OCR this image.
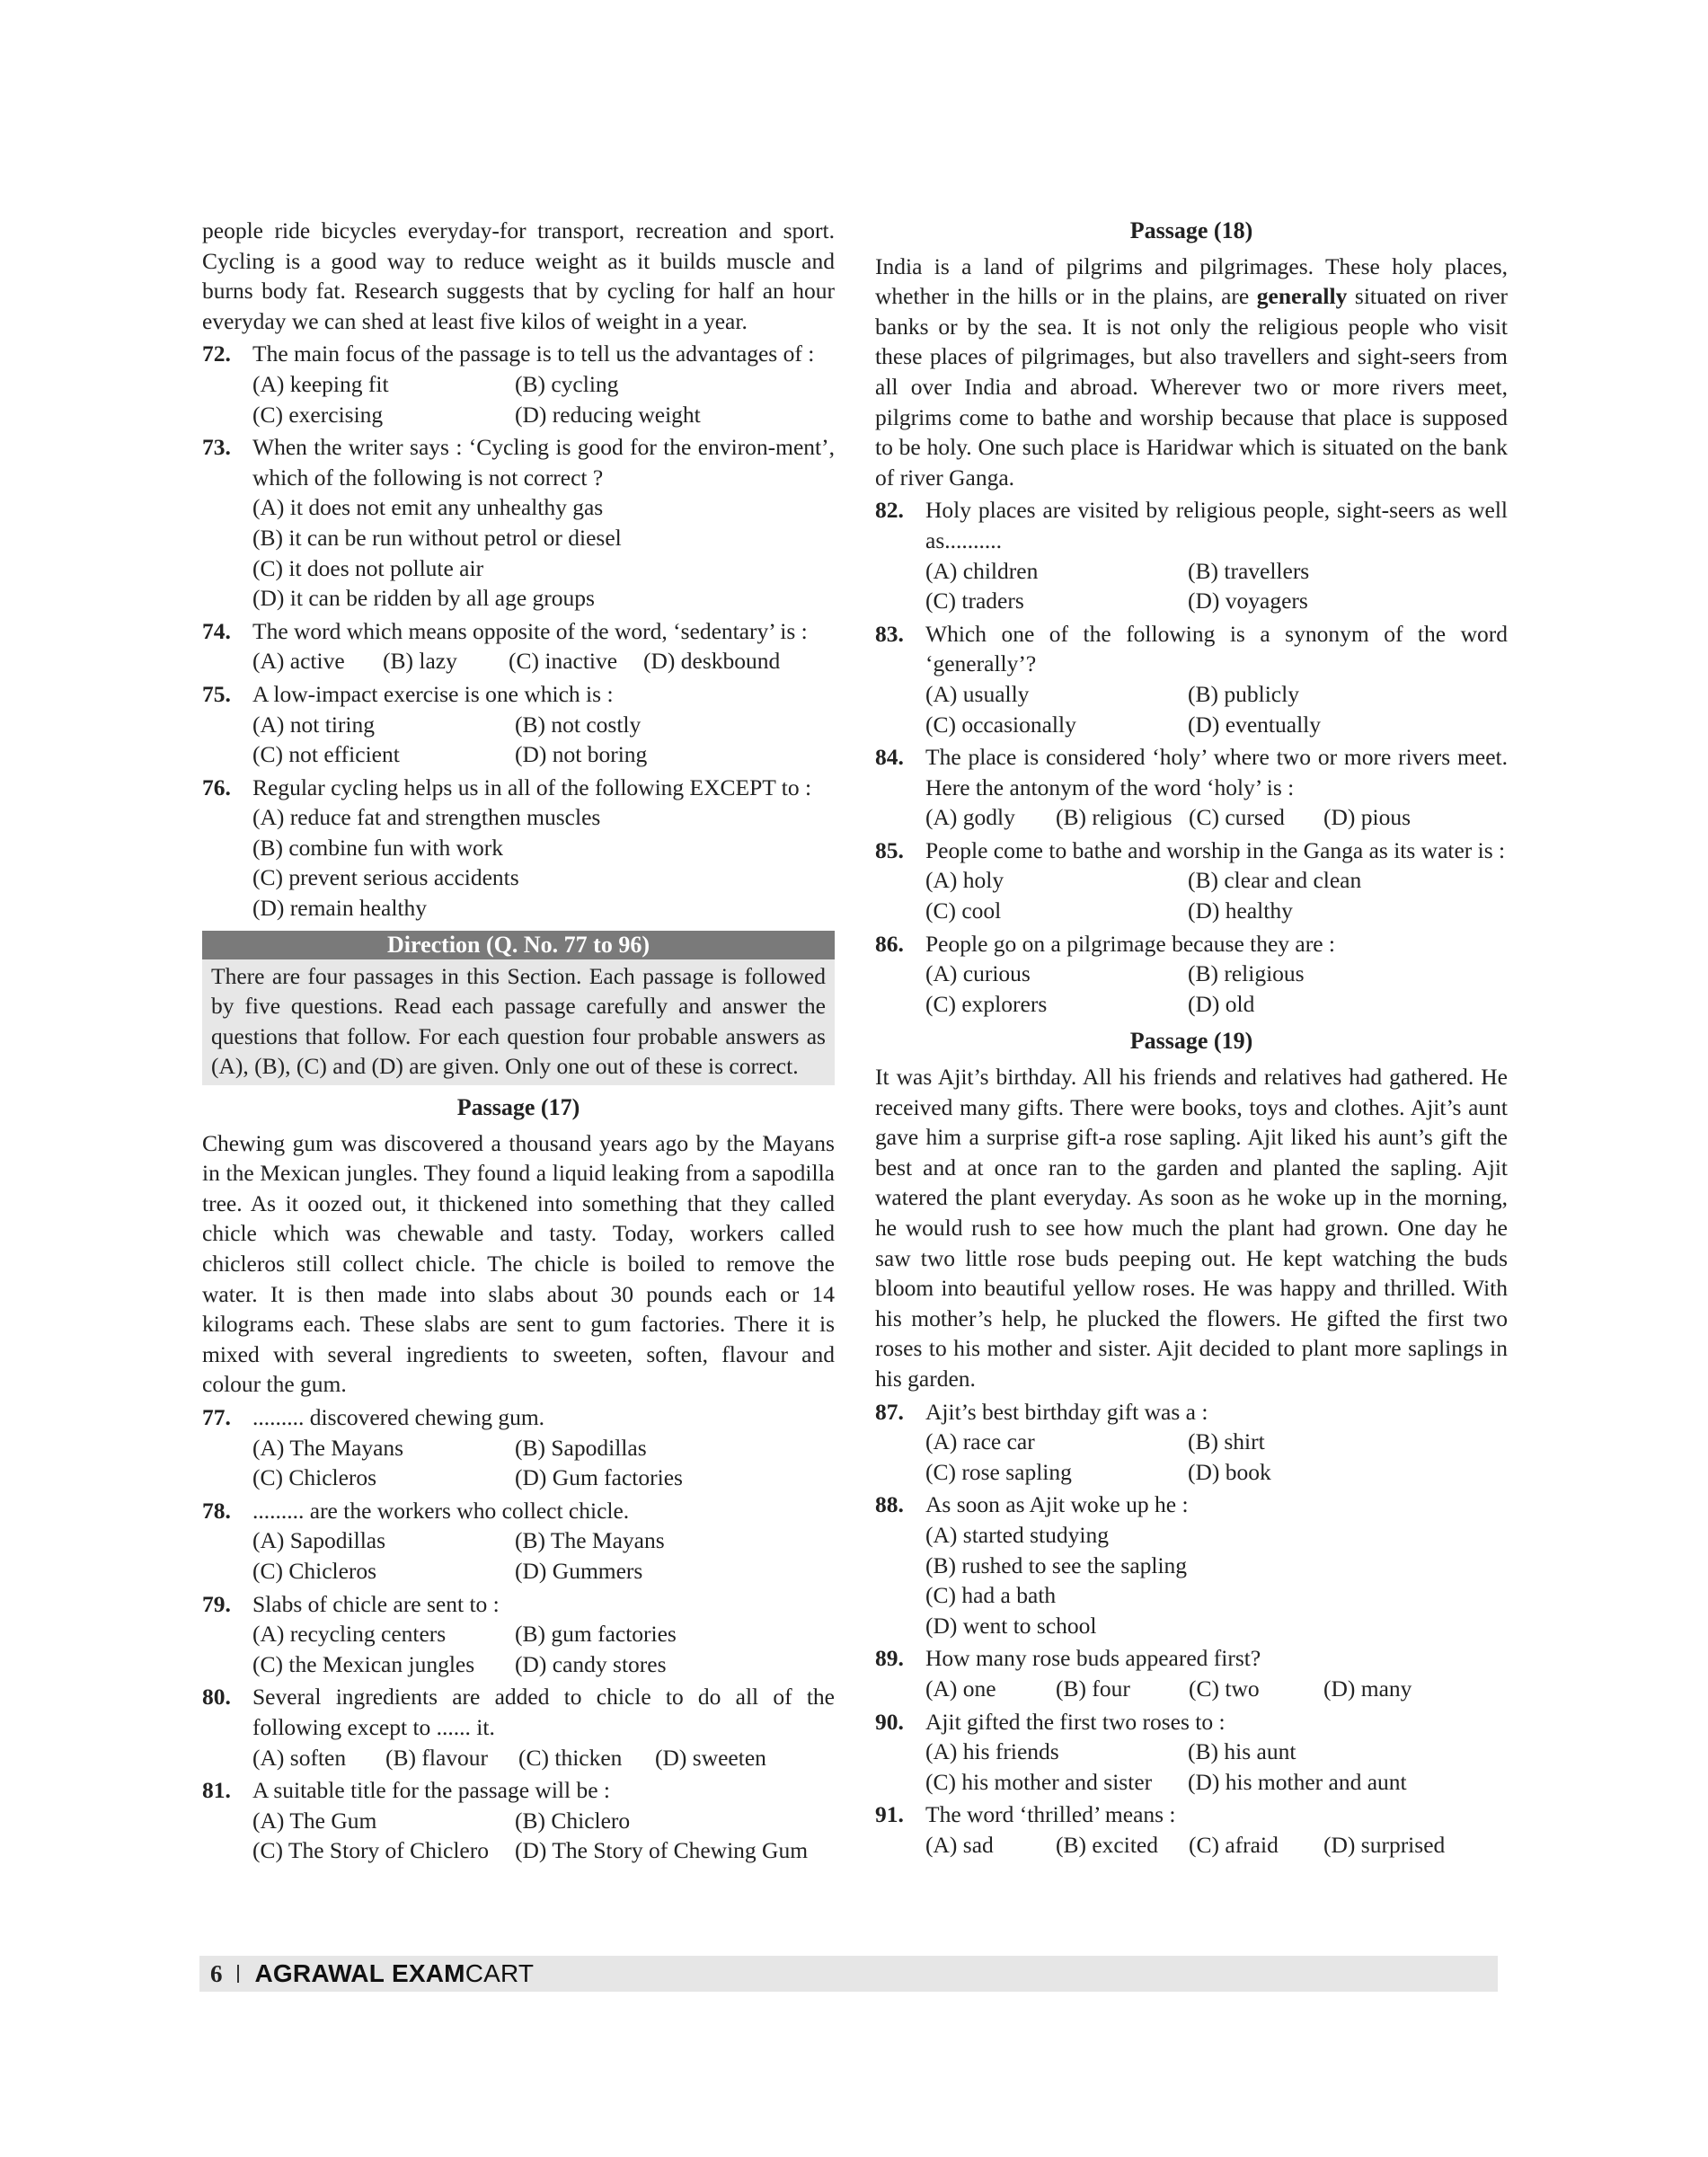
people ride bicycles everyday-for transport, recreation and sport. Cycling is a good way to reduce weight as it builds muscle and burns body fat. Research suggests that by cycling for half an hour everyday we can shed at least five kilos of weight in a year.

72. The main focus of the passage is to tell us the advantages of :
(A) keeping fit	(B) cycling
(C) exercising	(D) reducing weight
73. When the writer says : ‘Cycling is good for the environ-ment’, which of the following is not correct ?
(A) it does not emit any unhealthy gas
(B) it can be run without petrol or diesel
(C) it does not pollute air
(D) it can be ridden by all age groups
74. The word which means opposite of the word, ‘sedentary’ is :
(A) active	(B) lazy	(C) inactive	(D) deskbound
75. A low-impact exercise is one which is :
(A) not tiring	(B) not costly
(C) not efficient	(D) not boring
76. Regular cycling helps us in all of the following EXCEPT to :
(A) reduce fat and strengthen muscles
(B) combine fun with work
(C) prevent serious accidents
(D) remain healthy
Direction (Q. No. 77 to 96)
There are four passages in this Section. Each passage is followed by five questions. Read each passage carefully and answer the questions that follow. For each question four probable answers as (A), (B), (C) and (D) are given. Only one out of these is correct.
Passage (17)

Chewing gum was discovered a thousand years ago by the Mayans in the Mexican jungles. They found a liquid leaking from a sapodilla tree. As it oozed out, it thickened into something that they called chicle which was chewable and tasty. Today, workers called chicleros still collect chicle. The chicle is boiled to remove the water. It is then made into slabs about 30 pounds each or 14 kilograms each. These slabs are sent to gum factories. There it is mixed with several ingredients to sweeten, soften, flavour and colour the gum.

77. ......... discovered chewing gum.
(A) The Mayans	(B) Sapodillas
(C) Chicleros	(D) Gum factories
78. ......... are the workers who collect chicle.
(A) Sapodillas	(B) The Mayans
(C) Chicleros	(D) Gummers
79. Slabs of chicle are sent to :
(A) recycling centers	(B) gum factories
(C) the Mexican jungles	(D) candy stores
80. Several ingredients are added to chicle to do all of the following except to ...... it.
(A) soften	(B) flavour	(C) thicken	(D) sweeten
81. A suitable title for the passage will be :
(A) The Gum	(B) Chiclero
(C) The Story of Chiclero	(D) The Story of Chewing Gum
Passage (18)

India is a land of pilgrims and pilgrimages. These holy places, whether in the hills or in the plains, are generally situated on river banks or by the sea. It is not only the religious people who visit these places of pilgrimages, but also travellers and sight-seers from all over India and abroad. Wherever two or more rivers meet, pilgrims come to bathe and worship because that place is supposed to be holy. One such place is Haridwar which is situated on the bank of river Ganga.

82. Holy places are visited by religious people, sight-seers as well as..........
(A) children	(B) travellers
(C) traders	(D) voyagers
83. Which one of the following is a synonym of the word ‘generally’?
(A) usually	(B) publicly
(C) occasionally	(D) eventually
84. The place is considered ‘holy’ where two or more rivers meet. Here the antonym of the word ‘holy’ is :
(A) godly	(B) religious (C) cursed	(D) pious
85. People come to bathe and worship in the Ganga as its water is :
(A) holy	(B) clear and clean
(C) cool	(D) healthy
86. People go on a pilgrimage because they are :
(A) curious	(B) religious
(C) explorers	(D) old
Passage (19)

It was Ajit’s birthday. All his friends and relatives had gathered. He received many gifts. There were books, toys and clothes. Ajit’s aunt gave him a surprise gift-a rose sapling. Ajit liked his aunt’s gift the best and at once ran to the garden and planted the sapling. Ajit watered the plant everyday. As soon as he woke up in the morning, he would rush to see how much the plant had grown. One day he saw two little rose buds peeping out. He kept watching the buds bloom into beautiful yellow roses. He was happy and thrilled. With his mother’s help, he plucked the flowers. He gifted the first two roses to his mother and sister. Ajit decided to plant more saplings in his garden.

87. Ajit’s best birthday gift was a :
(A) race car	(B) shirt
(C) rose sapling	(D) book
88. As soon as Ajit woke up he :
(A) started studying
(B) rushed to see the sapling
(C) had a bath
(D) went to school
89. How many rose buds appeared first?
(A) one	(B) four	(C) two	(D) many
90. Ajit gifted the first two roses to :
(A) his friends	(B) his aunt
(C) his mother and sister	(D) his mother and aunt
91. The word ‘thrilled’ means :
(A) sad	(B) excited	(C) afraid	(D) surprised
6 AGRAWAL EXAMCART
